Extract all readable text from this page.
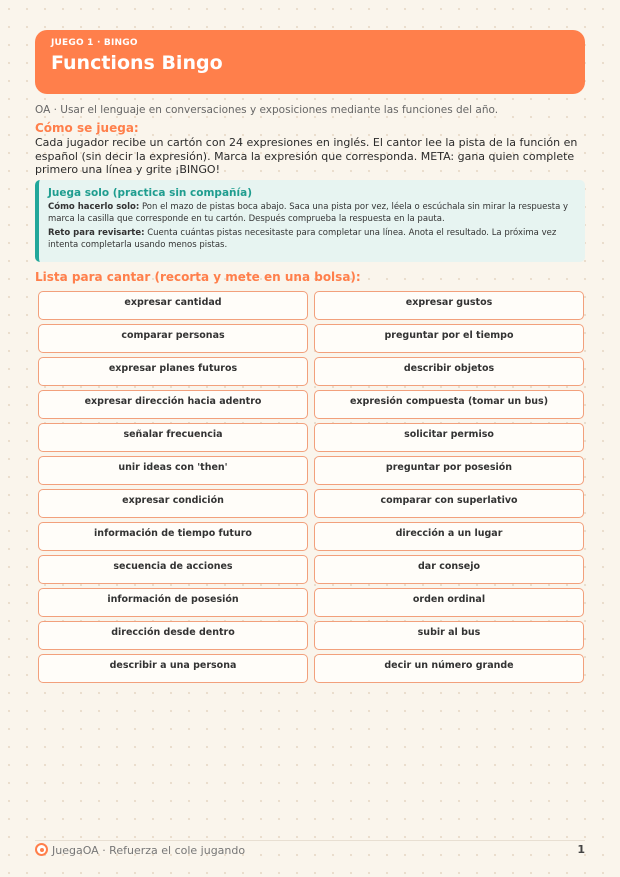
JUEGO 1 · BINGO
Functions Bingo
OA · Usar el lenguaje en conversaciones y exposiciones mediante las funciones del año.
Cómo se juega:
Cada jugador recibe un cartón con 24 expresiones en inglés. El cantor lee la pista de la función en español (sin decir la expresión). Marca la expresión que corresponda. META: gana quien complete primero una línea y grite ¡BINGO!
Juega solo (practica sin compañía)

Cómo hacerlo solo: Pon el mazo de pistas boca abajo. Saca una pista por vez, léela o escúchala sin mirar la respuesta y marca la casilla que corresponde en tu cartón. Después comprueba la respuesta en la pauta.

Reto para revisarte: Cuenta cuántas pistas necesitaste para completar una línea. Anota el resultado. La próxima vez intenta completarla usando menos pistas.

Lista para cantar (recorta y mete en una bolsa):
expresar cantidad	expresar gustos
comparar personas	preguntar por el tiempo
expresar planes futuros	describir objetos
expresar dirección hacia adentro	expresión compuesta (tomar un bus)
señalar frecuencia	solicitar permiso
unir ideas con 'then'	preguntar por posesión
expresar condición	comparar con superlativo
información de tiempo futuro	dirección a un lugar
secuencia de acciones	dar consejo
información de posesión	orden ordinal
dirección desde dentro	subir al bus
describir a una persona	decir un número grande
JuegaOA · Refuerza el cole jugando	1
